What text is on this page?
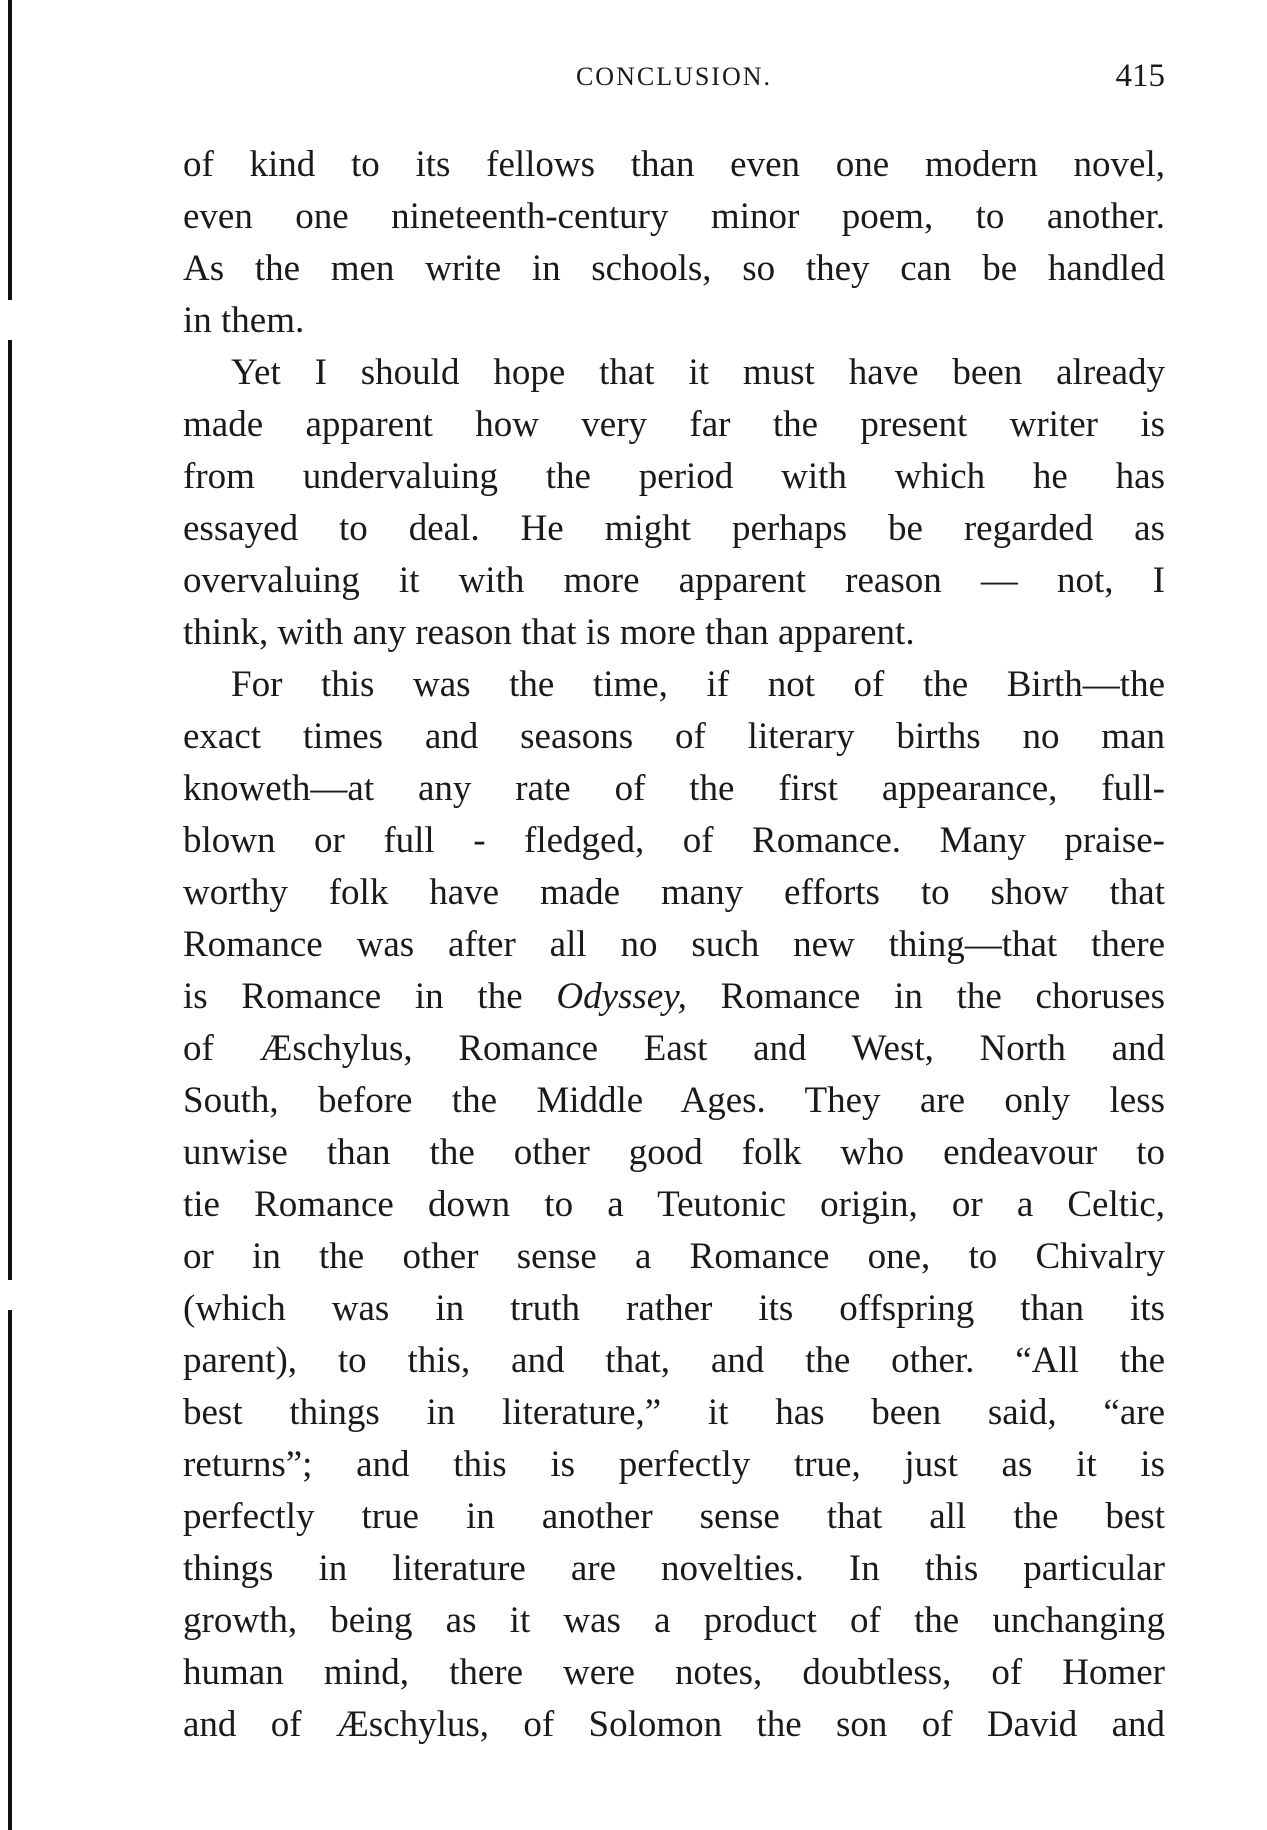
CONCLUSION.	415
of kind to its fellows than even one modern novel,
even one nineteenth-century minor poem, to another.
As the men write in schools, so they can be handled
in them.
Yet I should hope that it must have been already
made apparent how very far the present writer is
from undervaluing the period with which he has
essayed to deal. He might perhaps be regarded as
overvaluing it with more apparent reason — not, I
think, with any reason that is more than apparent.
For this was the time, if not of the Birth—the
exact times and seasons of literary births no man
knoweth—at any rate of the first appearance, full-
blown or full - fledged, of Romance. Many praise-
worthy folk have made many efforts to show that
Romance was after all no such new thing—that there
is Romance in the Odyssey, Romance in the choruses
of Æschylus, Romance East and West, North and
South, before the Middle Ages. They are only less
unwise than the other good folk who endeavour to
tie Romance down to a Teutonic origin, or a Celtic,
or in the other sense a Romance one, to Chivalry
(which was in truth rather its offspring than its
parent), to this, and that, and the other. “All the
best things in literature,” it has been said, “are
returns”; and this is perfectly true, just as it is
perfectly true in another sense that all the best
things in literature are novelties. In this particular
growth, being as it was a product of the unchanging
human mind, there were notes, doubtless, of Homer
and of Æschylus, of Solomon the son of David and
